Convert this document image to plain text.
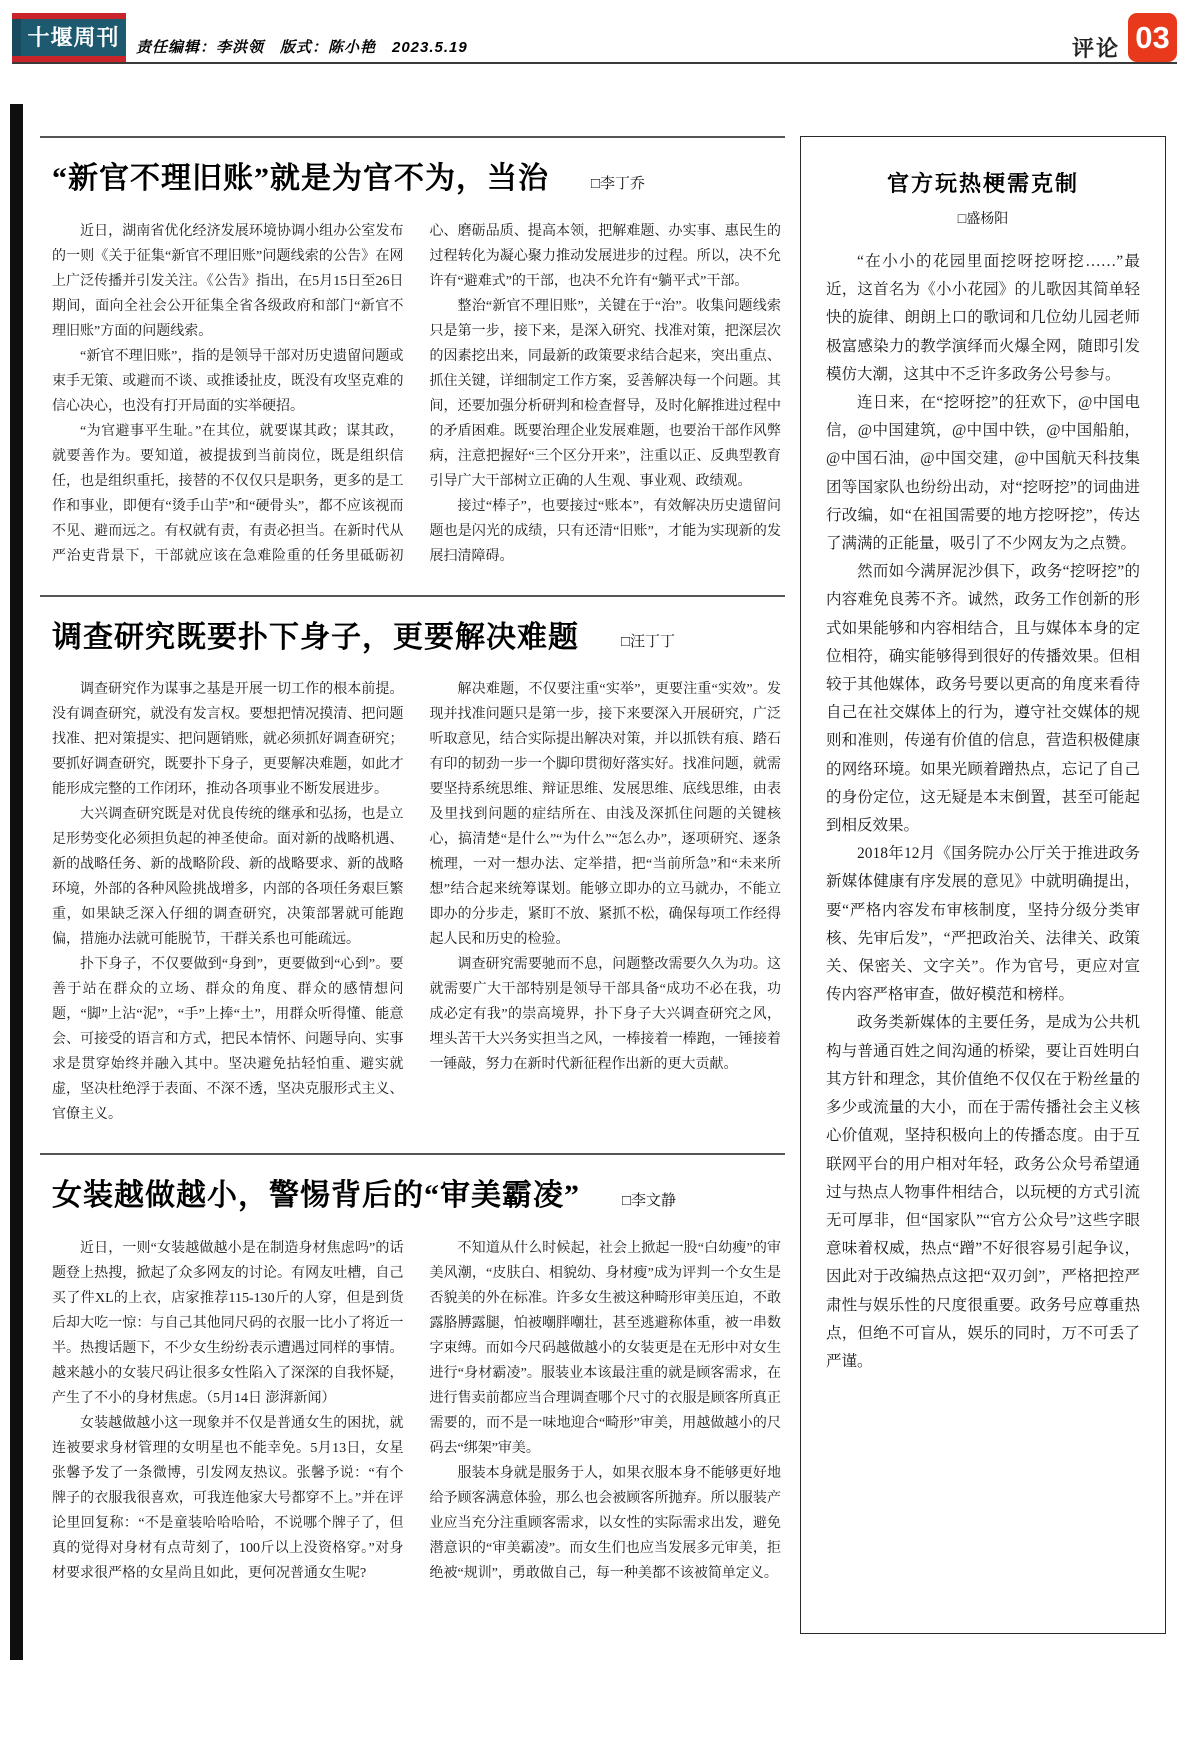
十堰周刊	责任编辑：李洪领　版式：陈小艳　2023.5.19	评论 03
“新官不理旧账”就是为官不为，当治	□李丁乔

近日，湖南省优化经济发展环境协调小组办公室发布的一则《关于征集“新官不理旧账”问题线索的公告》在网上广泛传播并引发关注。《公告》指出，在5月15日至26日期间，面向全社会公开征集全省各级政府和部门“新官不理旧账”方面的问题线索。

“新官不理旧账”，指的是领导干部对历史遗留问题或束手无策、或避而不谈、或推诿扯皮，既没有攻坚克难的信心决心，也没有打开局面的实举硬招。

“为官避事平生耻。”在其位，就要谋其政；谋其政，就要善作为。要知道，被提拔到当前岗位，既是组织信任，也是组织重托，接替的不仅仅只是职务，更多的是工作和事业，即便有“烫手山芋”和“硬骨头”，都不应该视而不见、避而远之。有权就有责，有责必担当。在新时代从严治吏背景下，干部就应该在急难险重的任务里砥砺初心、磨砺品质、提高本领，把解难题、办实事、惠民生的过程转化为凝心聚力推动发展进步的过程。所以，决不允许有“避难式”的干部，也决不允许有“躺平式”干部。

整治“新官不理旧账”，关键在于“治”。收集问题线索只是第一步，接下来，是深入研究、找准对策，把深层次的因素挖出来，同最新的政策要求结合起来，突出重点、抓住关键，详细制定工作方案，妥善解决每一个问题。其间，还要加强分析研判和检查督导，及时化解推进过程中的矛盾困难。既要治理企业发展难题，也要治干部作风弊病，注意把握好“三个区分开来”，注重以正、反典型教育引导广大干部树立正确的人生观、事业观、政绩观。

接过“棒子”，也要接过“账本”，有效解决历史遗留问题也是闪光的成绩，只有还清“旧账”，才能为实现新的发展扫清障碍。

调查研究既要扑下身子，更要解决难题	□汪丁丁

调查研究作为谋事之基是开展一切工作的根本前提。没有调查研究，就没有发言权。要想把情况摸清、把问题找准、把对策提实、把问题销账，就必须抓好调查研究；要抓好调查研究，既要扑下身子，更要解决难题，如此才能形成完整的工作闭环，推动各项事业不断发展进步。

大兴调查研究既是对优良传统的继承和弘扬，也是立足形势变化必须担负起的神圣使命。面对新的战略机遇、新的战略任务、新的战略阶段、新的战略要求、新的战略环境，外部的各种风险挑战增多，内部的各项任务艰巨繁重，如果缺乏深入仔细的调查研究，决策部署就可能跑偏，措施办法就可能脱节，干群关系也可能疏远。

扑下身子，不仅要做到“身到”，更要做到“心到”。要善于站在群众的立场、群众的角度、群众的感情想问题，“脚”上沾“泥”，“手”上捧“土”，用群众听得懂、能意会、可接受的语言和方式，把民本情怀、问题导向、实事求是贯穿始终并融入其中。坚决避免拈轻怕重、避实就虚，坚决杜绝浮于表面、不深不透，坚决克服形式主义、官僚主义。

解决难题，不仅要注重“实举”，更要注重“实效”。发现并找准问题只是第一步，接下来要深入开展研究，广泛听取意见，结合实际提出解决对策，并以抓铁有痕、踏石有印的韧劲一步一个脚印贯彻好落实好。找准问题，就需要坚持系统思维、辩证思维、发展思维、底线思维，由表及里找到问题的症结所在、由浅及深抓住问题的关键核心，搞清楚“是什么”“为什么”“怎么办”，逐项研究、逐条梳理，一对一想办法、定举措，把“当前所急”和“未来所想”结合起来统筹谋划。能够立即办的立马就办，不能立即办的分步走，紧盯不放、紧抓不松，确保每项工作经得起人民和历史的检验。

调查研究需要驰而不息，问题整改需要久久为功。这就需要广大干部特别是领导干部具备“成功不必在我，功成必定有我”的崇高境界，扑下身子大兴调查研究之风，埋头苦干大兴务实担当之风，一棒接着一棒跑，一锤接着一锤敲，努力在新时代新征程作出新的更大贡献。

女装越做越小，警惕背后的“审美霸凌”	□李文静

近日，一则“女装越做越小是在制造身材焦虑吗”的话题登上热搜，掀起了众多网友的讨论。有网友吐槽，自己买了件XL的上衣，店家推荐115-130斤的人穿，但是到货后却大吃一惊：与自己其他同尺码的衣服一比小了将近一半。热搜话题下，不少女生纷纷表示遭遇过同样的事情。越来越小的女装尺码让很多女性陷入了深深的自我怀疑，产生了不小的身材焦虑。（5月14日 澎湃新闻）

女装越做越小这一现象并不仅是普通女生的困扰，就连被要求身材管理的女明星也不能幸免。5月13日，女星张馨予发了一条微博，引发网友热议。张馨予说：“有个牌子的衣服我很喜欢，可我连他家大号都穿不上。”并在评论里回复称：“不是童装哈哈哈哈，不说哪个牌子了，但真的觉得对身材有点苛刻了，100斤以上没资格穿。”对身材要求很严格的女星尚且如此，更何况普通女生呢?

不知道从什么时候起，社会上掀起一股“白幼瘦”的审美风潮，“皮肤白、相貌幼、身材瘦”成为评判一个女生是否貌美的外在标准。许多女生被这种畸形审美压迫，不敢露胳膊露腿，怕被嘲胖嘲壮，甚至逃避称体重，被一串数字束缚。而如今尺码越做越小的女装更是在无形中对女生进行“身材霸凌”。服装业本该最注重的就是顾客需求，在进行售卖前都应当合理调查哪个尺寸的衣服是顾客所真正需要的，而不是一味地迎合“畸形”审美，用越做越小的尺码去“绑架”审美。

服装本身就是服务于人，如果衣服本身不能够更好地给予顾客满意体验，那么也会被顾客所抛弃。所以服装产业应当充分注重顾客需求，以女性的实际需求出发，避免潜意识的“审美霸凌”。而女生们也应当发展多元审美，拒绝被“规训”，勇敢做自己，每一种美都不该被简单定义。

官方玩热梗需克制
□盛杨阳

“在小小的花园里面挖呀挖呀挖……”最近，这首名为《小小花园》的儿歌因其简单轻快的旋律、朗朗上口的歌词和几位幼儿园老师极富感染力的教学演绎而火爆全网，随即引发模仿大潮，这其中不乏许多政务公号参与。

连日来，在“挖呀挖”的狂欢下，@中国电信，@中国建筑，@中国中铁，@中国船舶，@中国石油，@中国交建，@中国航天科技集团等国家队也纷纷出动，对“挖呀挖”的词曲进行改编，如“在祖国需要的地方挖呀挖”，传达了满满的正能量，吸引了不少网友为之点赞。

然而如今满屏泥沙俱下，政务“挖呀挖”的内容难免良莠不齐。诚然，政务工作创新的形式如果能够和内容相结合，且与媒体本身的定位相符，确实能够得到很好的传播效果。但相较于其他媒体，政务号要以更高的角度来看待自己在社交媒体上的行为，遵守社交媒体的规则和准则，传递有价值的信息，营造积极健康的网络环境。如果光顾着蹭热点，忘记了自己的身份定位，这无疑是本末倒置，甚至可能起到相反效果。

2018年12月《国务院办公厅关于推进政务新媒体健康有序发展的意见》中就明确提出，要“严格内容发布审核制度，坚持分级分类审核、先审后发”，“严把政治关、法律关、政策关、保密关、文字关”。作为官号，更应对宣传内容严格审查，做好模范和榜样。

政务类新媒体的主要任务，是成为公共机构与普通百姓之间沟通的桥梁，要让百姓明白其方针和理念，其价值绝不仅仅在于粉丝量的多少或流量的大小，而在于需传播社会主义核心价值观，坚持积极向上的传播态度。由于互联网平台的用户相对年轻，政务公众号希望通过与热点人物事件相结合，以玩梗的方式引流无可厚非，但“国家队”“官方公众号”这些字眼意味着权威，热点“蹭”不好很容易引起争议，因此对于改编热点这把“双刃剑”，严格把控严肃性与娱乐性的尺度很重要。政务号应尊重热点，但绝不可盲从，娱乐的同时，万不可丢了严谨。
